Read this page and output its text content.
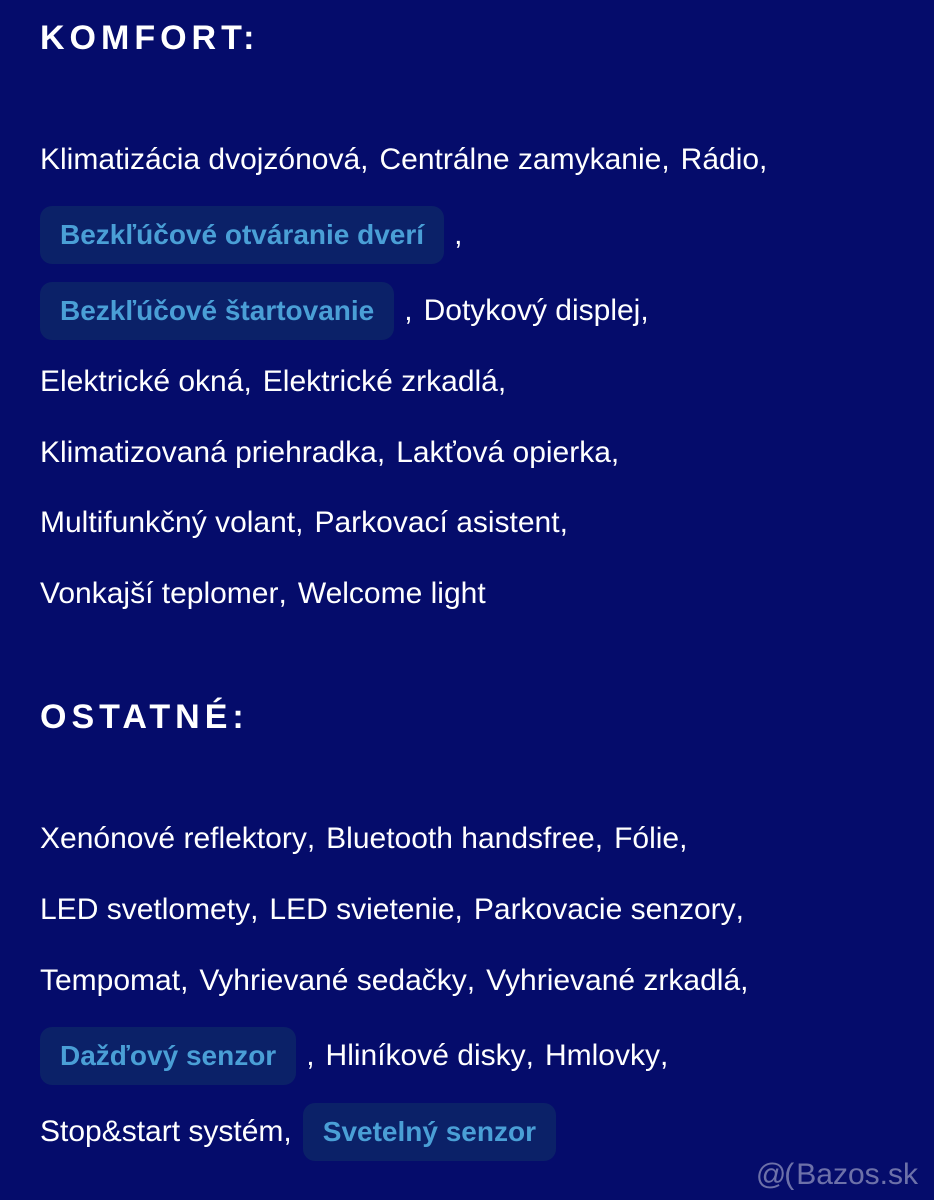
KOMFORT:
Klimatizácia dvojzónová , Centrálne zamykanie , Rádio ,
Bezkľúčové otváranie dverí	,
Bezkľúčové štartovanie	, Dotykový displej ,
Elektrické okná , Elektrické zrkadlá ,
Klimatizovaná priehradka , Lakťová opierka ,
Multifunkčný volant , Parkovací asistent ,
Vonkajší teplomer , Welcome light
OSTATNÉ:
Xenónové reflektory , Bluetooth handsfree , Fólie ,
LED svetlomety , LED svietenie , Parkovacie senzory ,
Tempomat , Vyhrievané sedačky , Vyhrievané zrkadlá ,
Dažďový senzor	, Hliníkové disky , Hmlovky ,
Stop&start systém ,	Svetelný senzor
@( Bazos.sk
